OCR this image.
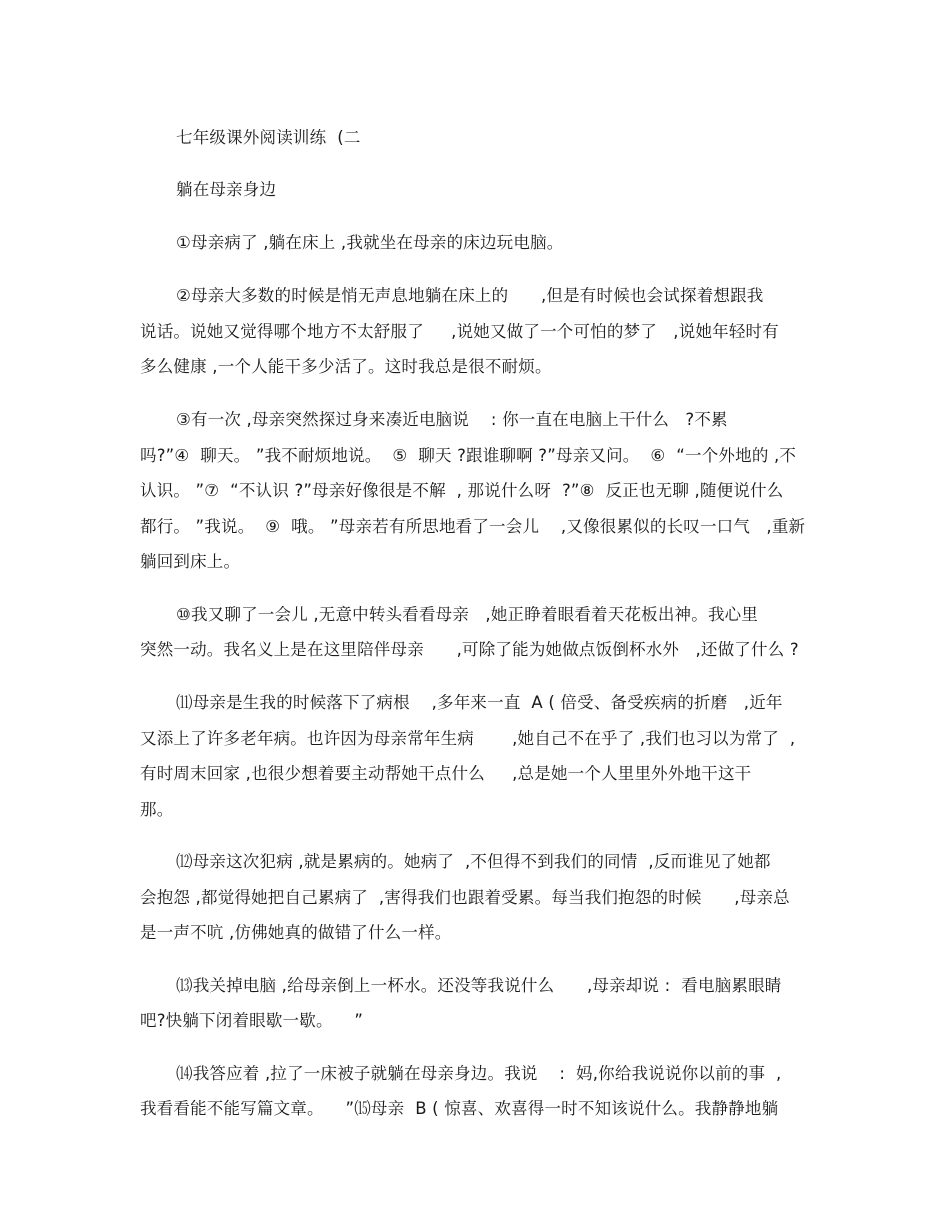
七年级课外阅读训练  (二
躺在母亲身边
①母亲病了 ,躺在床上 ,我就坐在母亲的床边玩电脑。
②母亲大多数的时候是悄无声息地躺在床上的      ,但是有时候也会试探着想跟我
说话。说她又觉得哪个地方不太舒服了     ,说她又做了一个可怕的梦了   ,说她年轻时有
多么健康 ,一个人能干多少活了。这时我总是很不耐烦。
③有一次 ,母亲突然探过身来凑近电脑说    : 你一直在电脑上干什么   ?不累
吗?”④  聊天。 ”我不耐烦地说。  ⑤  聊天 ?跟谁聊啊 ?”母亲又问。  ⑥  “一个外地的 ,不
认识。 ”⑦  “不认识 ?”母亲好像很是不解  , 那说什么呀  ?”⑧  反正也无聊 ,随便说什么
都行。 ”我说。  ⑨  哦。 ”母亲若有所思地看了一会儿    ,又像很累似的长叹一口气   ,重新
躺回到床上。
⑩我又聊了一会儿 ,无意中转头看看母亲   ,她正睁着眼看着天花板出神。我心里
突然一动。我名义上是在这里陪伴母亲      ,可除了能为她做点饭倒杯水外   ,还做了什么 ?
⑾母亲是生我的时候落下了病根    ,多年来一直  A ( 倍受、备受疾病的折磨   ,近年
又添上了许多老年病。也许因为母亲常年生病       ,她自己不在乎了 ,我们也习以为常了  ,
有时周末回家 ,也很少想着要主动帮她干点什么     ,总是她一个人里里外外地干这干
那。
⑿母亲这次犯病 ,就是累病的。她病了  ,不但得不到我们的同情  ,反而谁见了她都
会抱怨 ,都觉得她把自己累病了  ,害得我们也跟着受累。每当我们抱怨的时候      ,母亲总
是一声不吭 ,仿佛她真的做错了什么一样。
⒀我关掉电脑 ,给母亲倒上一杯水。还没等我说什么      ,母亲却说 :  看电脑累眼睛
吧?快躺下闭着眼歇一歇。    ”
⒁我答应着 ,拉了一床被子就躺在母亲身边。我说    :  妈,你给我说说你以前的事  ,
我看看能不能写篇文章。    ”⒂母亲  B ( 惊喜、欢喜得一时不知该说什么。我静静地躺
